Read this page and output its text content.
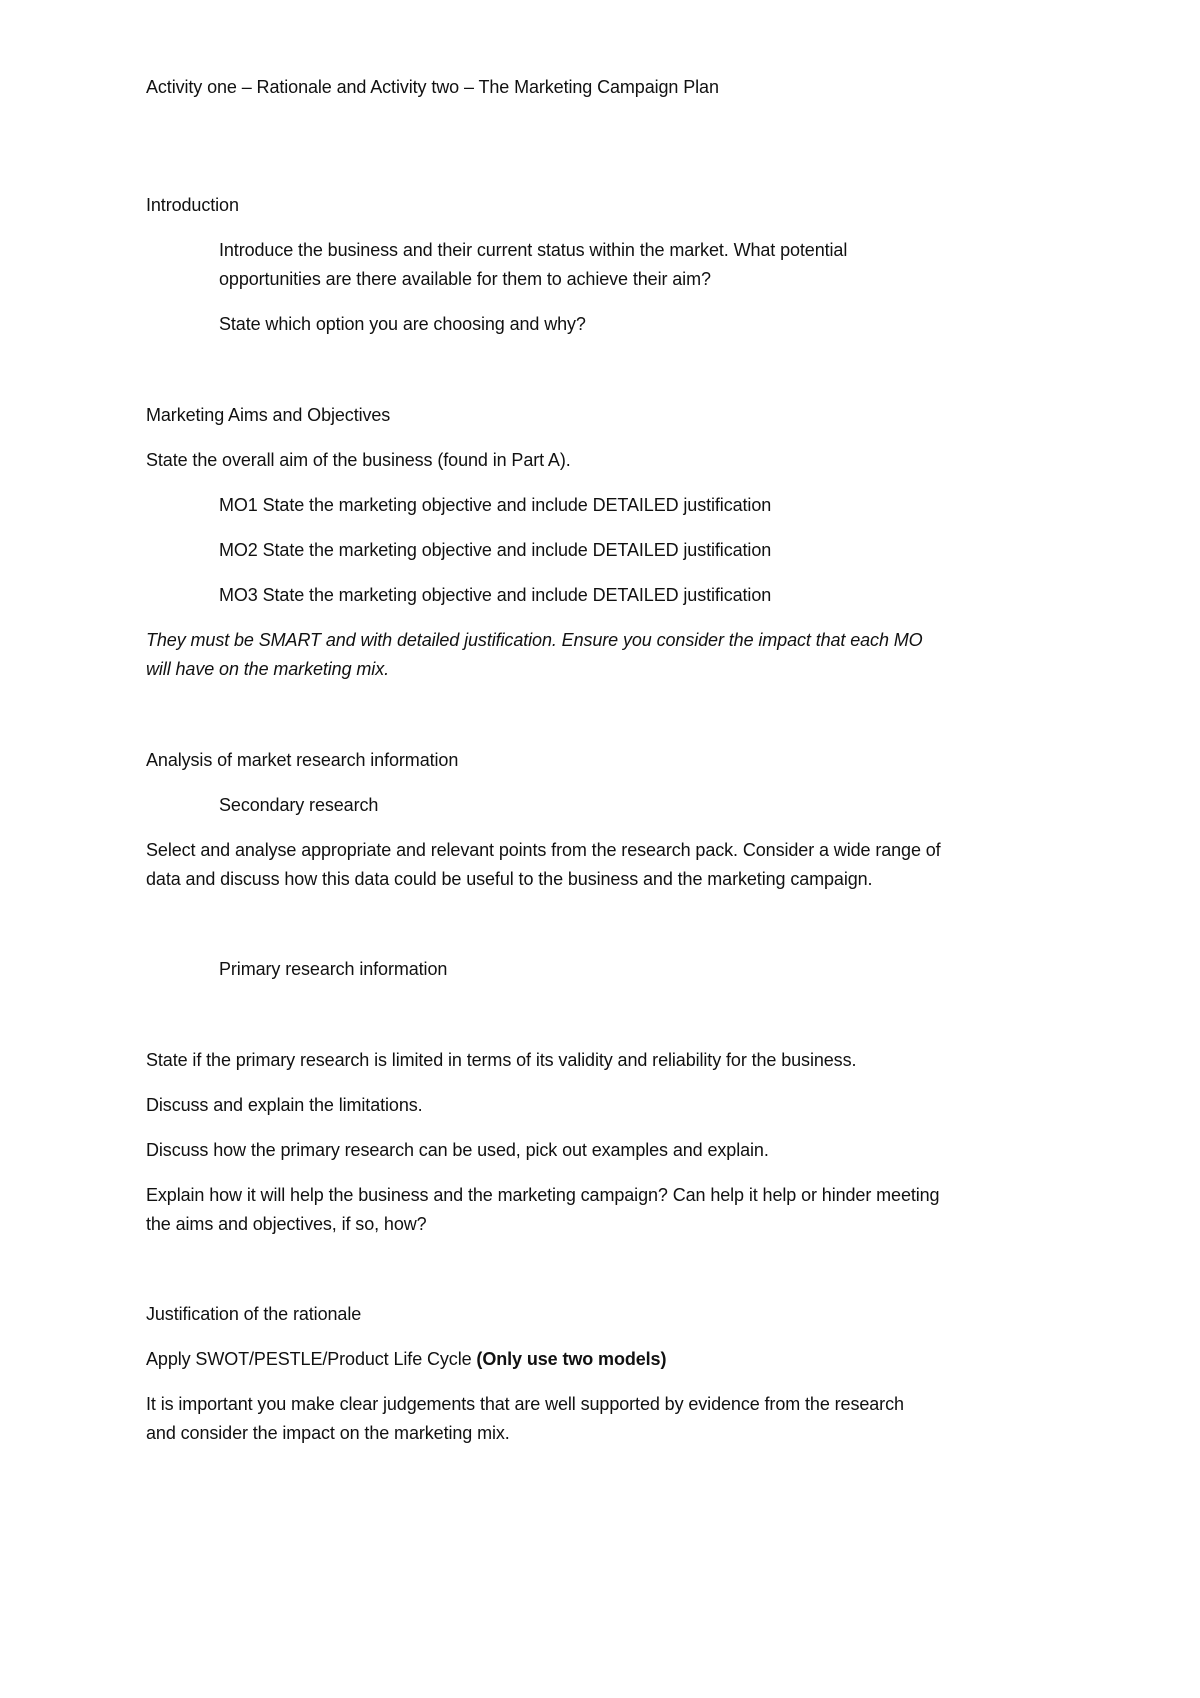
Activity one – Rationale and Activity two – The Marketing Campaign Plan
Introduction
Introduce the business and their current status within the market. What potential
opportunities are there available for them to achieve their aim?
State which option you are choosing and why?
Marketing Aims and Objectives
State the overall aim of the business (found in Part A).
MO1 State the marketing objective and include DETAILED justification
MO2 State the marketing objective and include DETAILED justification
MO3 State the marketing objective and include DETAILED justification
They must be SMART and with detailed justification. Ensure you consider the impact that each MO
will have on the marketing mix.
Analysis of market research information
Secondary research
Select and analyse appropriate and relevant points from the research pack. Consider a wide range of
data and discuss how this data could be useful to the business and the marketing campaign.
Primary research information
State if the primary research is limited in terms of its validity and reliability for the business.
Discuss and explain the limitations.
Discuss how the primary research can be used, pick out examples and explain.
Explain how it will help the business and the marketing campaign? Can help it help or hinder meeting
the aims and objectives, if so, how?
Justification of the rationale
Apply SWOT/PESTLE/Product Life Cycle (Only use two models)
It is important you make clear judgements that are well supported by evidence from the research
and consider the impact on the marketing mix.
